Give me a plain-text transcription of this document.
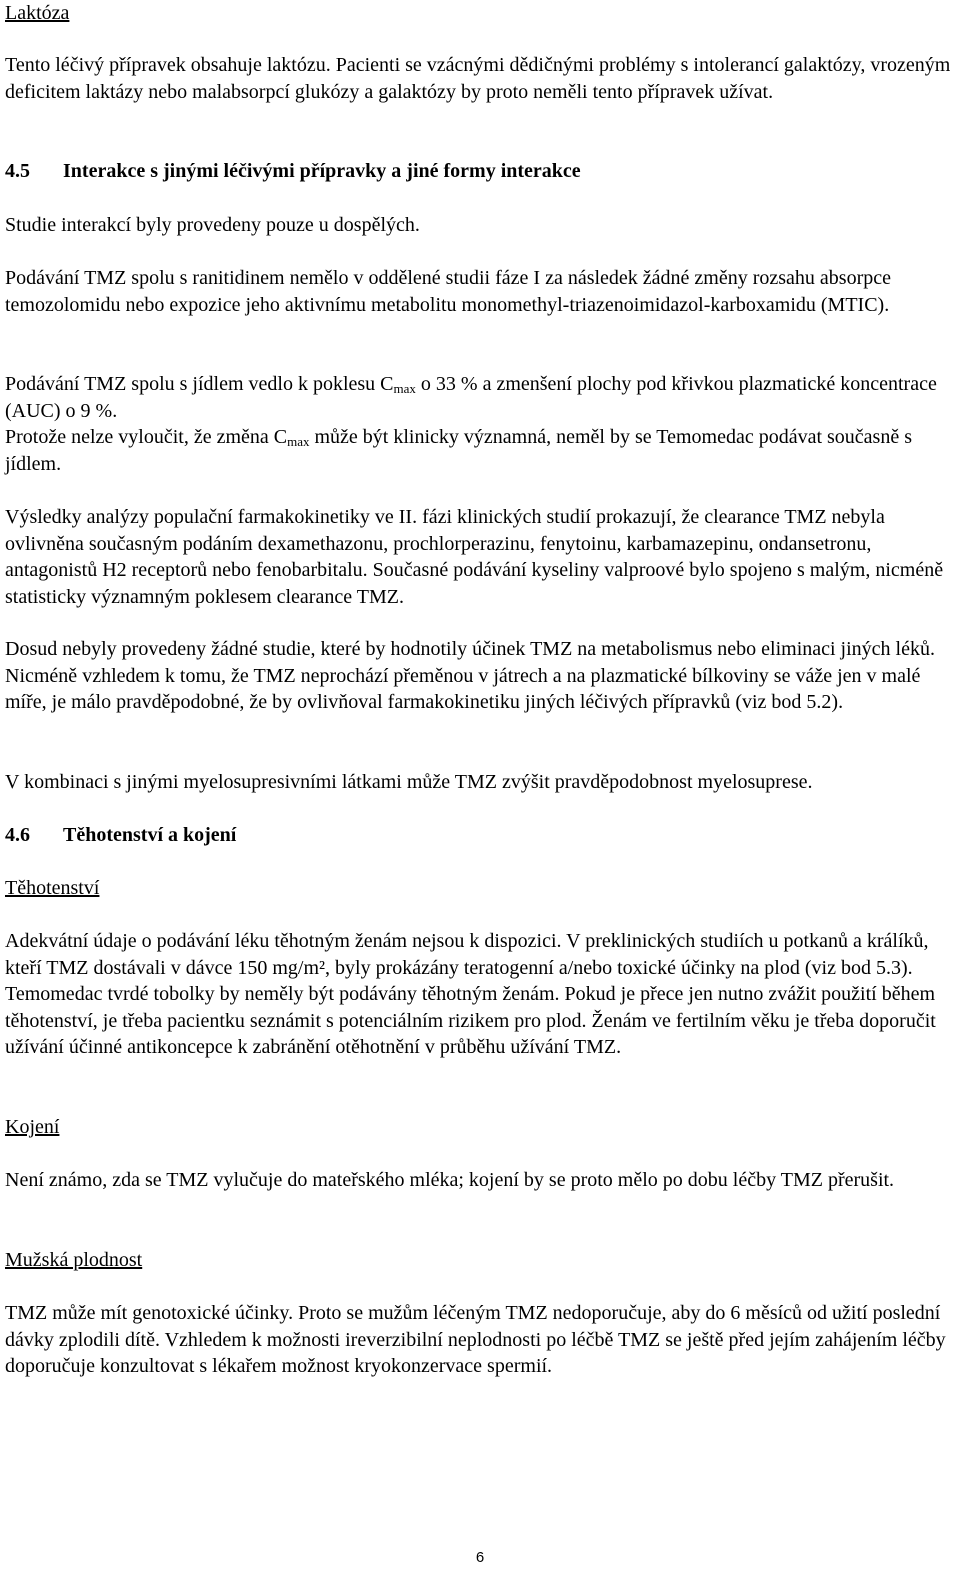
Laktóza

Tento léčivý přípravek obsahuje laktózu. Pacienti se vzácnými dědičnými problémy s intolerancí galaktózy, vrozeným deficitem laktázy nebo malabsorpcí glukózy a galaktózy by proto neměli tento přípravek užívat.

4.5 Interakce s jinými léčivými přípravky a jiné formy interakce

Studie interakcí byly provedeny pouze u dospělých.

Podávání TMZ spolu s ranitidinem nemělo v oddělené studii fáze I za následek žádné změny rozsahu absorpce temozolomidu nebo expozice jeho aktivnímu metabolitu monomethyl-triazenoimidazol-karboxamidu (MTIC).

Podávání TMZ spolu s jídlem vedlo k poklesu $C_{max}$ o 33 % a zmenšení plochy pod křivkou plazmatické koncentrace (AUC) o 9 %.

Protože nelze vyloučit, že změna $C_{max}$ může být klinicky významná, neměl by se Temomedac podávat současně s jídlem.

Výsledky analýzy populační farmakokinetiky ve II. fázi klinických studií prokazují, že clearance TMZ nebyla ovlivněna současným podáním dexamethazonu, prochlorperazinu, fenytoinu, karbamazepinu, ondansetronu, antagonistů H2 receptorů nebo fenobarbitalu. Současné podávání kyseliny valproové bylo spojeno s malým, nicméně statisticky významným poklesem clearance TMZ.

Dosud nebyly provedeny žádné studie, které by hodnotily účinek TMZ na metabolismus nebo eliminaci jiných léků. Nicméně vzhledem k tomu, že TMZ neprochází přeměnou v játrech a na plazmatické bílkoviny se váže jen v malé míře, je málo pravděpodobné, že by ovlivňoval farmakokinetiku jiných léčivých přípravků (viz bod 5.2).

V kombinaci s jinými myelosupresivními látkami může TMZ zvýšit pravděpodobnost myelosuprese.

4.6 Těhotenství a kojení
Těhotenství

Adekvátní údaje o podávání léku těhotným ženám nejsou k dispozici. V preklinických studiích u potkanů a králíků, kteří TMZ dostávali v dávce 150 mg/m², byly prokázány teratogenní a/nebo toxické účinky na plod (viz bod 5.3). Temomedac tvrdé tobolky by neměly být podávány těhotným ženám. Pokud je přece jen nutno zvážit použití během těhotenství, je třeba pacientku seznámit s potenciálním rizikem pro plod. Ženám ve fertilním věku je třeba doporučit užívání účinné antikoncepce k zabránění otěhotnění v průběhu užívání TMZ.

Kojení

Není známo, zda se TMZ vylučuje do mateřského mléka; kojení by se proto mělo po dobu léčby TMZ přerušit.

Mužská plodnost

TMZ může mít genotoxické účinky. Proto se mužům léčeným TMZ nedoporučuje, aby do 6 měsíců od užití poslední dávky zplodili dítě. Vzhledem k možnosti ireverzibilní neplodnosti po léčbě TMZ se ještě před jejím zahájením léčby doporučuje konzultovat s lékařem možnost kryokonzervace spermií.

6
